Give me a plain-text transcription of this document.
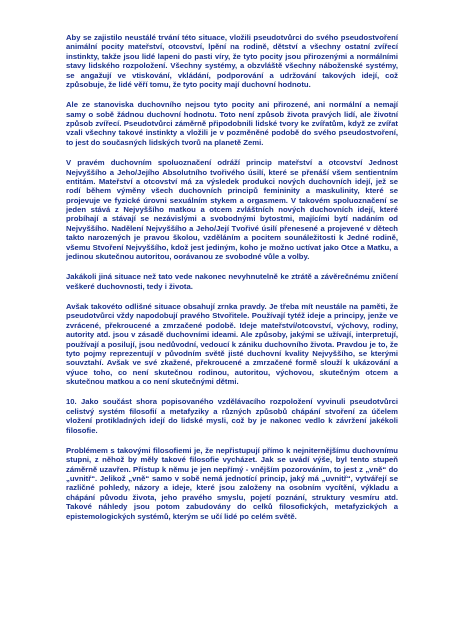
Aby se zajistilo neustálé trvání této situace, vložili pseudotvůrci do svého pseudostvoření animální pocity mateřství, otcovství, lpění na rodině, dětství a všechny ostatní zvířecí instinkty, takže jsou lidé lapeni do pasti víry, že tyto pocity jsou přirozenými a normálními stavy lidského rozpoložení. Všechny systémy, a obzvláště všechny náboženské systémy, se angažují ve vtiskování, vkládání, podporování a udržování takových idejí, což způsobuje, že lidé věří tomu, že tyto pocity mají duchovní hodnotu.

Ale ze stanoviska duchovního nejsou tyto pocity ani přirozené, ani normální a nemají samy o sobě žádnou duchovní hodnotu. Toto není způsob života pravých lidí, ale životní způsob zvířecí. Pseudotvůrci záměrně připodobnili lidské tvory ke zvířatům, když ze zvířat vzali všechny takové instinkty a vložili je v pozměněné podobě do svého pseudostvoření, to jest do současných lidských tvorů na planetě Zemi.

V pravém duchovním spoluoznačení odráží princip mateřství a otcovství Jednost Nejvyššího a Jeho/Jejího Absolutního tvořivého úsilí, které se přenáší všem sentientním entitám. Mateřství a otcovství má za výsledek produkci nových duchovních idejí, jež se rodí během výměny všech duchovních principů femininity a maskulinity, které se projevuje ve fyzické úrovni sexuálním stykem a orgasmem. V takovém spoluoznačení se jeden stává z Nejvyššího matkou a otcem zvláštních nových duchovních idejí, které probíhají a stávají se nezávislými a svobodnými bytostmi, majícími bytí nadáním od Nejvyššího. Nadělení Nejvyššího a Jeho/Její Tvořivé úsilí přenesené a projevené v dětech takto narozených je pravou školou, vzděláním a pocitem sounáležitosti k Jedné rodině, všemu Stvoření Nejvyššího, kdož jest jediným, koho je možno uctívat jako Otce a Matku, a jedinou skutečnou autoritou, oorávanou ze svobodné vůle a volby.

Jakákoli jiná situace než tato vede nakonec nevyhnutelně ke ztrátě a závěrečnému zničení veškeré duchovnosti, tedy i života.

Avšak takovéto odlišné situace obsahují zrnka pravdy. Je třeba mít neustále na paměti, že pseudotvůrci vždy napodobují pravého Stvořitele. Používají tytéž ideje a principy, jenže ve zvrácené, překroucené a zmrzačené podobě. Ideje mateřství/otcovství, výchovy, rodiny, autority atd. jsou v zásadě duchovními ideami. Ale způsoby, jakými se užívají, interpretují, používají a posilují, jsou nedůvodní, vedoucí k zániku duchovního života. Pravdou je to, že tyto pojmy reprezentují v původním světě jisté duchovní kvality Nejvyššího, se kterými souvztahí. Avšak ve své zkažené, překroucené a zmrzačené formě slouží k ukázování a výuce toho, co není skutečnou rodinou, autoritou, výchovou, skutečným otcem a skutečnou matkou a co není skutečnými dětmi.

10. Jako součást shora popisovaného vzdělávacího rozpoložení vyvinuli pseudotvůrci celistvý systém filosofií a metafyziky a různých způsobů chápání stvoření za účelem vložení protikladných idejí do lidské mysli, což by je nakonec vedlo k závržení jakékoli filosofie.

Problémem s takovými filosofiemi je, že nepřistupují přímo k nejniternějšímu duchovnímu stupni, z něhož by měly takové filosofie vycházet. Jak se uvádí výše, byl tento stupeň záměrně uzavřen. Přístup k němu je jen nepřímý - vnějším pozorováním, to jest z „vně“ do „uvnitř“. Jelikož „vně“ samo v sobě nemá jednotící princip, jaký má „uvnitř“, vytvářejí se različné pohledy, názory a ideje, které jsou založeny na osobním vycítění, výkladu a chápání původu života, jeho pravého smyslu, pojetí poznání, struktury vesmíru atd. Takové náhledy jsou potom zabudovány do celků filosofických, metafyzických a epistemologických systémů, kterým se učí lidé po celém světě.
